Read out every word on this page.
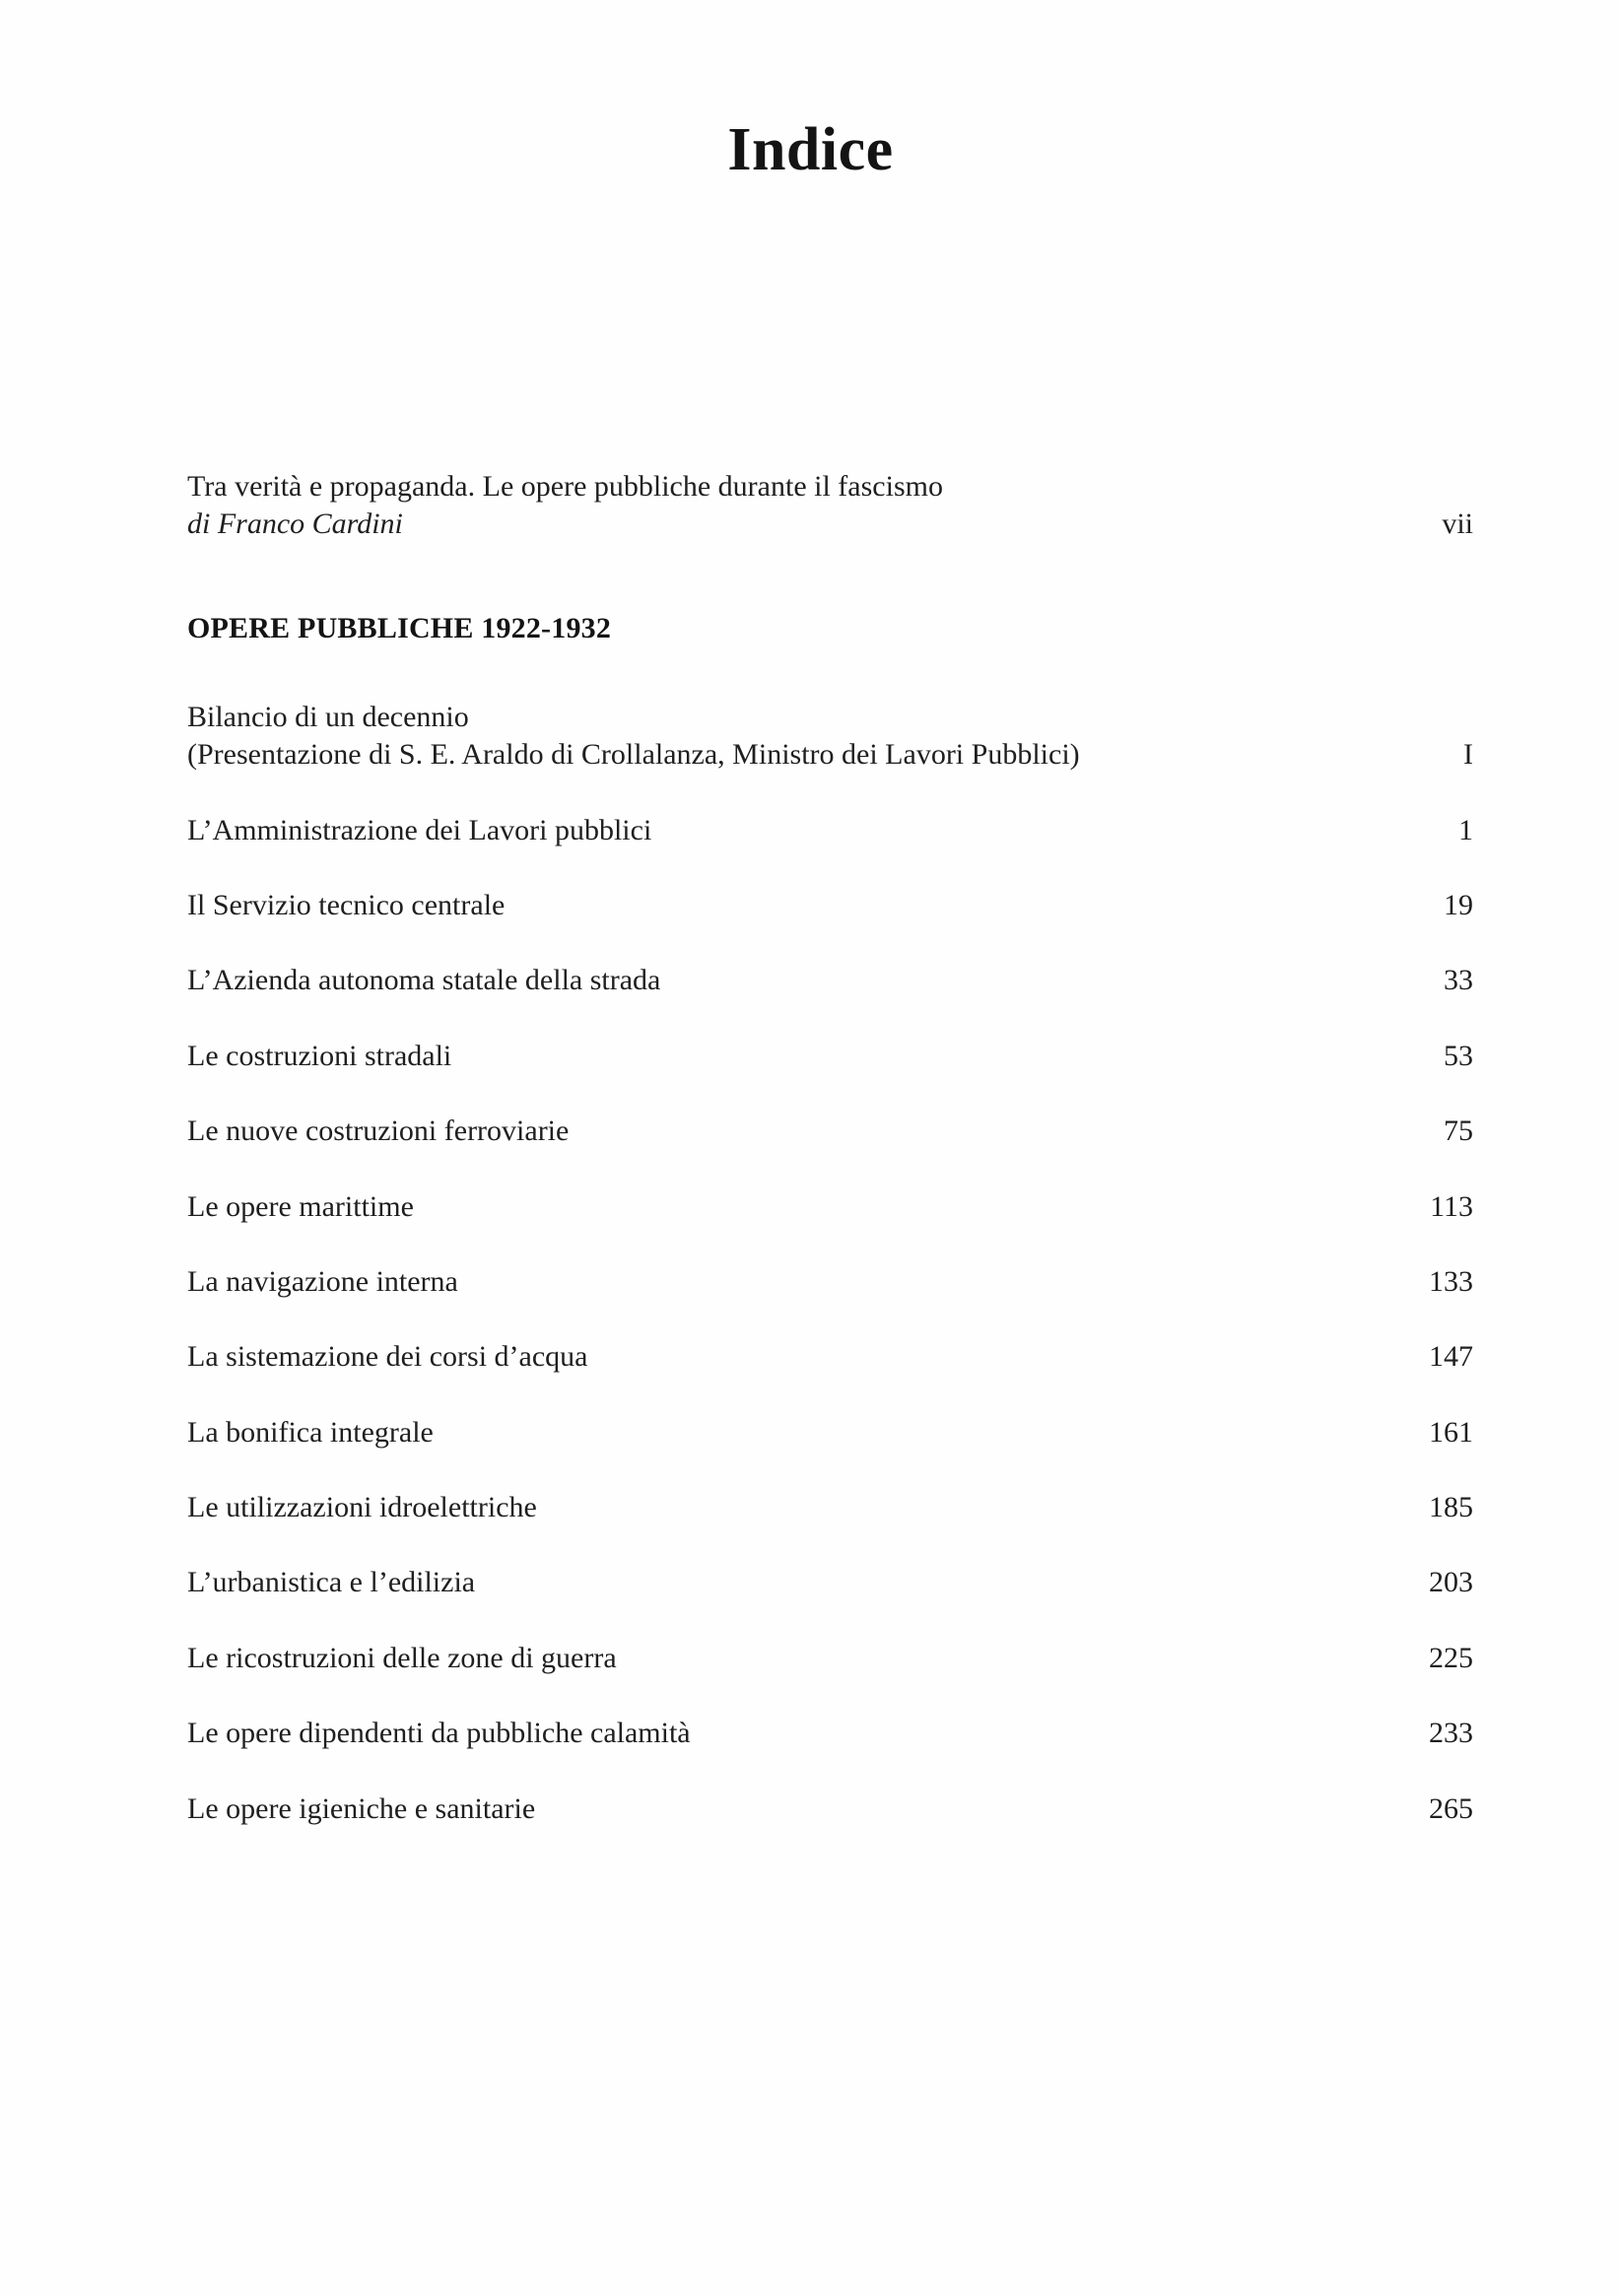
Indice
Tra verità e propaganda. Le opere pubbliche durante il fascismo
di Franco Cardini	vii
OPERE PUBBLICHE 1922-1932
Bilancio di un decennio
(Presentazione di S. E. Araldo di Crollalanza, Ministro dei Lavori Pubblici)	I
L’Amministrazione dei Lavori pubblici	1
Il Servizio tecnico centrale	19
L’Azienda autonoma statale della strada	33
Le costruzioni stradali	53
Le nuove costruzioni ferroviarie	75
Le opere marittime	113
La navigazione interna	133
La sistemazione dei corsi d’acqua	147
La bonifica integrale	161
Le utilizzazioni idroelettriche	185
L’urbanistica e l’edilizia	203
Le ricostruzioni delle zone di guerra	225
Le opere dipendenti da pubbliche calamità	233
Le opere igieniche e sanitarie	265
